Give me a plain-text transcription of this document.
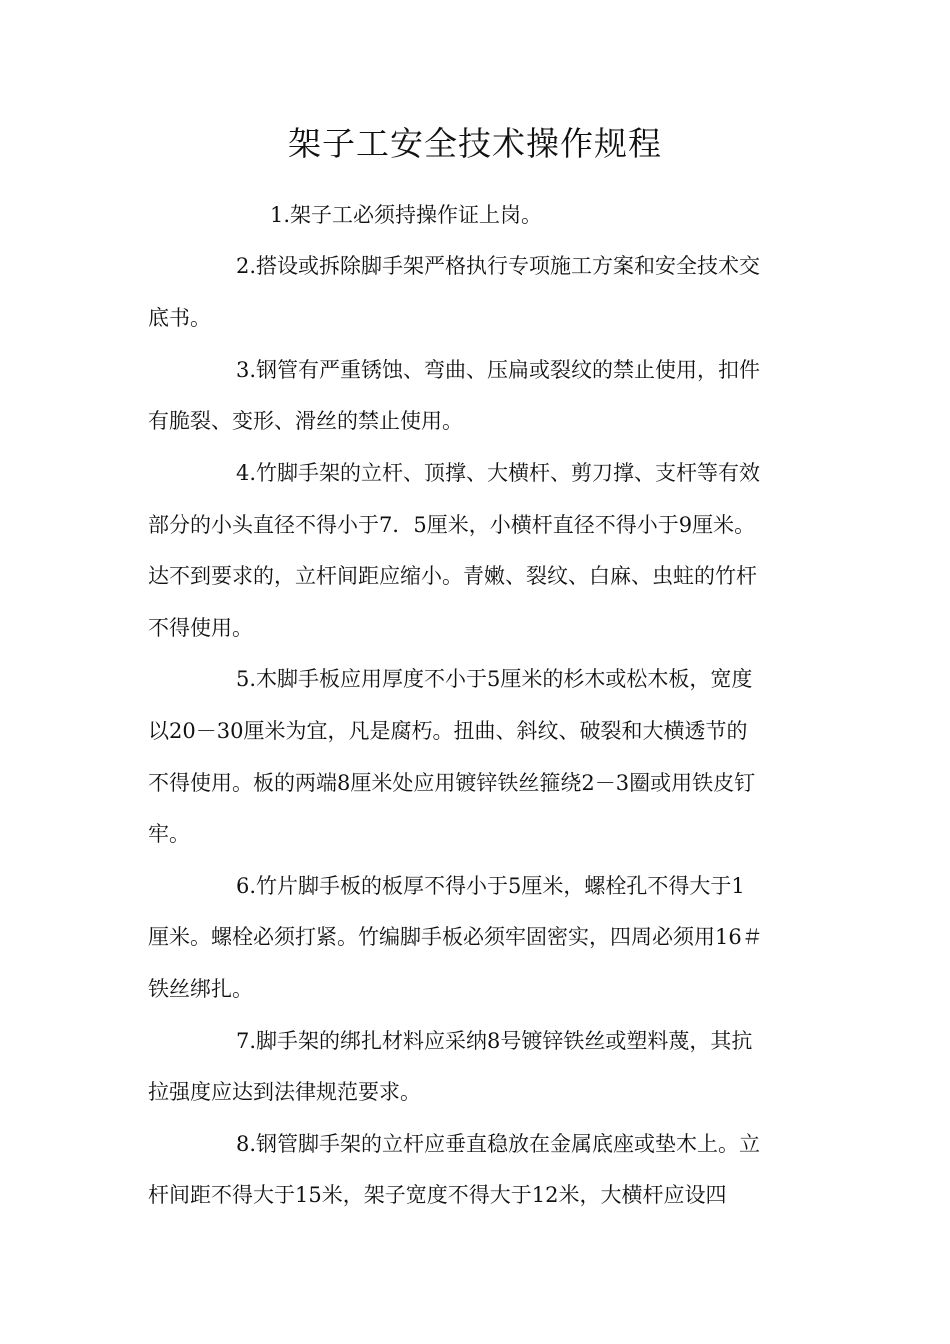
架子工安全技术操作规程

1.架子工必须持操作证上岗。

2.搭设或拆除脚手架严格执行专项施工方案和安全技术交

底书。

3.钢管有严重锈蚀、弯曲、压扁或裂纹的禁止使用，扣件

有脆裂、变形、滑丝的禁止使用。

4.竹脚手架的立杆、顶撑、大横杆、剪刀撑、支杆等有效

部分的小头直径不得小于7．5厘米，小横杆直径不得小于9厘米。

达不到要求的，立杆间距应缩小。青嫩、裂纹、白麻、虫蛀的竹杆

不得使用。

5.木脚手板应用厚度不小于5厘米的杉木或松木板，宽度

以20－30厘米为宜，凡是腐朽。扭曲、斜纹、破裂和大横透节的

不得使用。板的两端8厘米处应用镀锌铁丝箍绕2－3圈或用铁皮钉

牢。

6.竹片脚手板的板厚不得小于5厘米，螺栓孔不得大于1

厘米。螺栓必须打紧。竹编脚手板必须牢固密实，四周必须用16＃

铁丝绑扎。

7.脚手架的绑扎材料应采纳8号镀锌铁丝或塑料蔑，其抗

拉强度应达到法律规范要求。

8.钢管脚手架的立杆应垂直稳放在金属底座或垫木上。立

杆间距不得大于15米，架子宽度不得大于12米，大横杆应设四
